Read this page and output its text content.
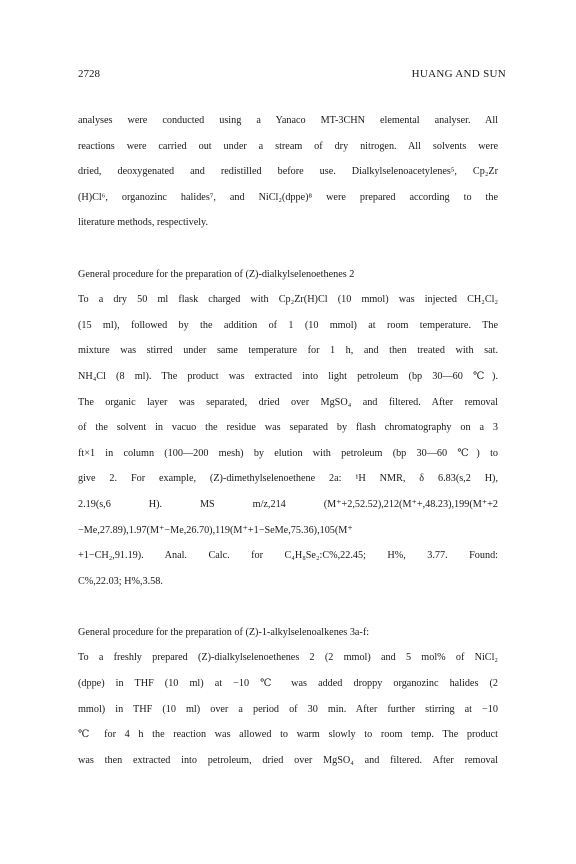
2728	HUANG AND SUN
analyses were conducted using a Yanaco MT-3CHN elemental analyser. All
reactions were carried out under a stream of dry nitrogen. All solvents were
dried, deoxygenated and redistilled before use. Dialkylselenoacetylenes⁵, Cp₂Zr
(H)Cl⁶, organozinc halides⁷, and NiCl₂(dppe)⁸ were prepared according to the
literature methods, respectively.
General procedure for the preparation of (Z)-dialkylselenoethenes 2
To a dry 50 ml flask charged with Cp₂Zr(H)Cl (10 mmol) was injected CH₂Cl₂
(15 ml), followed by the addition of 1 (10 mmol) at room temperature. The
mixture was stirred under same temperature for 1 h, and then treated with sat.
NH₄Cl (8 ml). The product was extracted into light petroleum (bp 30—60 ℃).
The organic layer was separated, dried over MgSO₄ and filtered. After removal
of the solvent in vacuo the residue was separated by flash chromatography on a 3
ft×1 in column (100—200 mesh) by elution with petroleum (bp 30—60 ℃) to
give 2. For example, (Z)-dimethylselenoethene 2a: ¹H NMR, δ 6.83(s,2 H),
2.19(s,6 H). MS m/z,214 (M⁺+2,52.52),212(M⁺+,48.23),199(M⁺+2
−Me,27.89),1.97(M⁺−Me,26.70),119(M⁺+1−SeMe,75.36),105(M⁺
+1−CH₂,91.19). Anal. Calc. for C₄H₈Se₂:C%,22.45; H%, 3.77. Found:
C%,22.03; H%,3.58.
General procedure for the preparation of (Z)-1-alkylselenoalkenes 3a-f:
To a freshly prepared (Z)-dialkylselenoethenes 2 (2 mmol) and 5 mol% of NiCl₂
(dppe) in THF (10 ml) at −10 ℃ was added droppy organozinc halides (2
mmol) in THF (10 ml) over a period of 30 min. After further stirring at −10
℃ for 4 h the reaction was allowed to warm slowly to room temp. The product
was then extracted into petroleum, dried over MgSO₄ and filtered. After removal
